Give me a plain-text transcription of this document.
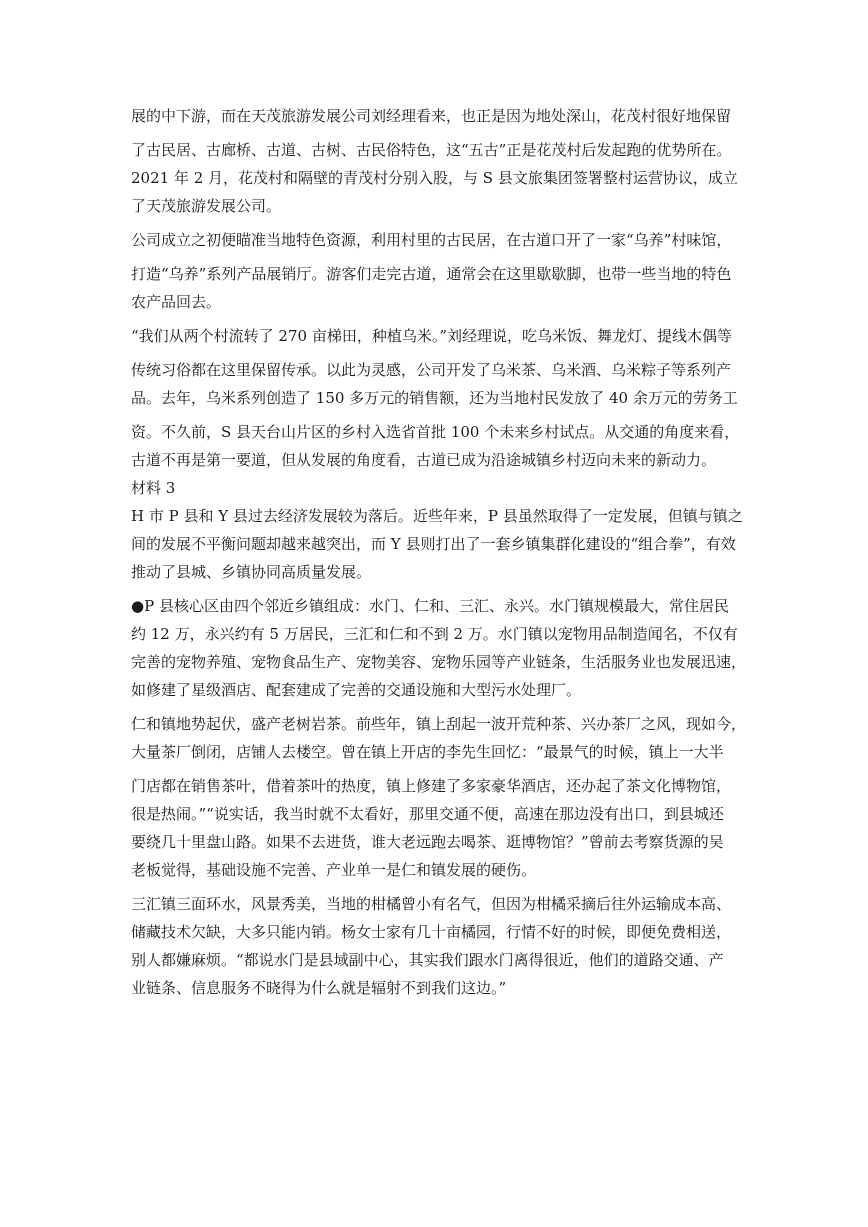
展的中下游，而在天茂旅游发展公司刘经理看来，也正是因为地处深山，花茂村很好地保留
了古民居、古廊桥、古道、古树、古民俗特色，这“五古”正是花茂村后发起跑的优势所在。
2021 年 2 月，花茂村和隔壁的青茂村分别入股，与 S 县文旅集团签署整村运营协议，成立
了天茂旅游发展公司。
公司成立之初便瞄准当地特色资源，利用村里的古民居，在古道口开了一家“乌养”村味馆，
打造“乌养”系列产品展销厅。游客们走完古道，通常会在这里歇歇脚，也带一些当地的特色
农产品回去。
“我们从两个村流转了 270 亩梯田，种植乌米。”刘经理说，吃乌米饭、舞龙灯、提线木偶等
传统习俗都在这里保留传承。以此为灵感，公司开发了乌米茶、乌米酒、乌米粽子等系列产
品。去年，乌米系列创造了 150 多万元的销售额，还为当地村民发放了 40 余万元的劳务工
资。不久前，S 县天台山片区的乡村入选省首批 100 个未来乡村试点。从交通的角度来看，
古道不再是第一要道，但从发展的角度看，古道已成为沿途城镇乡村迈向未来的新动力。
材料 3
H 市 P 县和 Y 县过去经济发展较为落后。近些年来，P 县虽然取得了一定发展，但镇与镇之
间的发展不平衡问题却越来越突出，而 Y 县则打出了一套乡镇集群化建设的“组合拳”，有效
推动了县城、乡镇协同高质量发展。
●P 县核心区由四个邻近乡镇组成：水门、仁和、三汇、永兴。水门镇规模最大，常住居民
约 12 万，永兴约有 5 万居民，三汇和仁和不到 2 万。水门镇以宠物用品制造闻名，不仅有
完善的宠物养殖、宠物食品生产、宠物美容、宠物乐园等产业链条，生活服务业也发展迅速，
如修建了星级酒店、配套建成了完善的交通设施和大型污水处理厂。
仁和镇地势起伏，盛产老树岩茶。前些年，镇上刮起一波开荒种茶、兴办茶厂之风，现如今，
大量茶厂倒闭，店铺人去楼空。曾在镇上开店的李先生回忆：“最景气的时候，镇上一大半
门店都在销售茶叶，借着茶叶的热度，镇上修建了多家豪华酒店，还办起了茶文化博物馆，
很是热闹。”“说实话，我当时就不太看好，那里交通不便，高速在那边没有出口，到县城还
要绕几十里盘山路。如果不去进货，谁大老远跑去喝茶、逛博物馆？”曾前去考察货源的吴
老板觉得，基础设施不完善、产业单一是仁和镇发展的硬伤。
三汇镇三面环水，风景秀美，当地的柑橘曾小有名气，但因为柑橘采摘后往外运输成本高、
储藏技术欠缺，大多只能内销。杨女士家有几十亩橘园，行情不好的时候，即便免费相送，
别人都嫌麻烦。“都说水门是县域副中心，其实我们跟水门离得很近，他们的道路交通、产
业链条、信息服务不晓得为什么就是辐射不到我们这边。”
